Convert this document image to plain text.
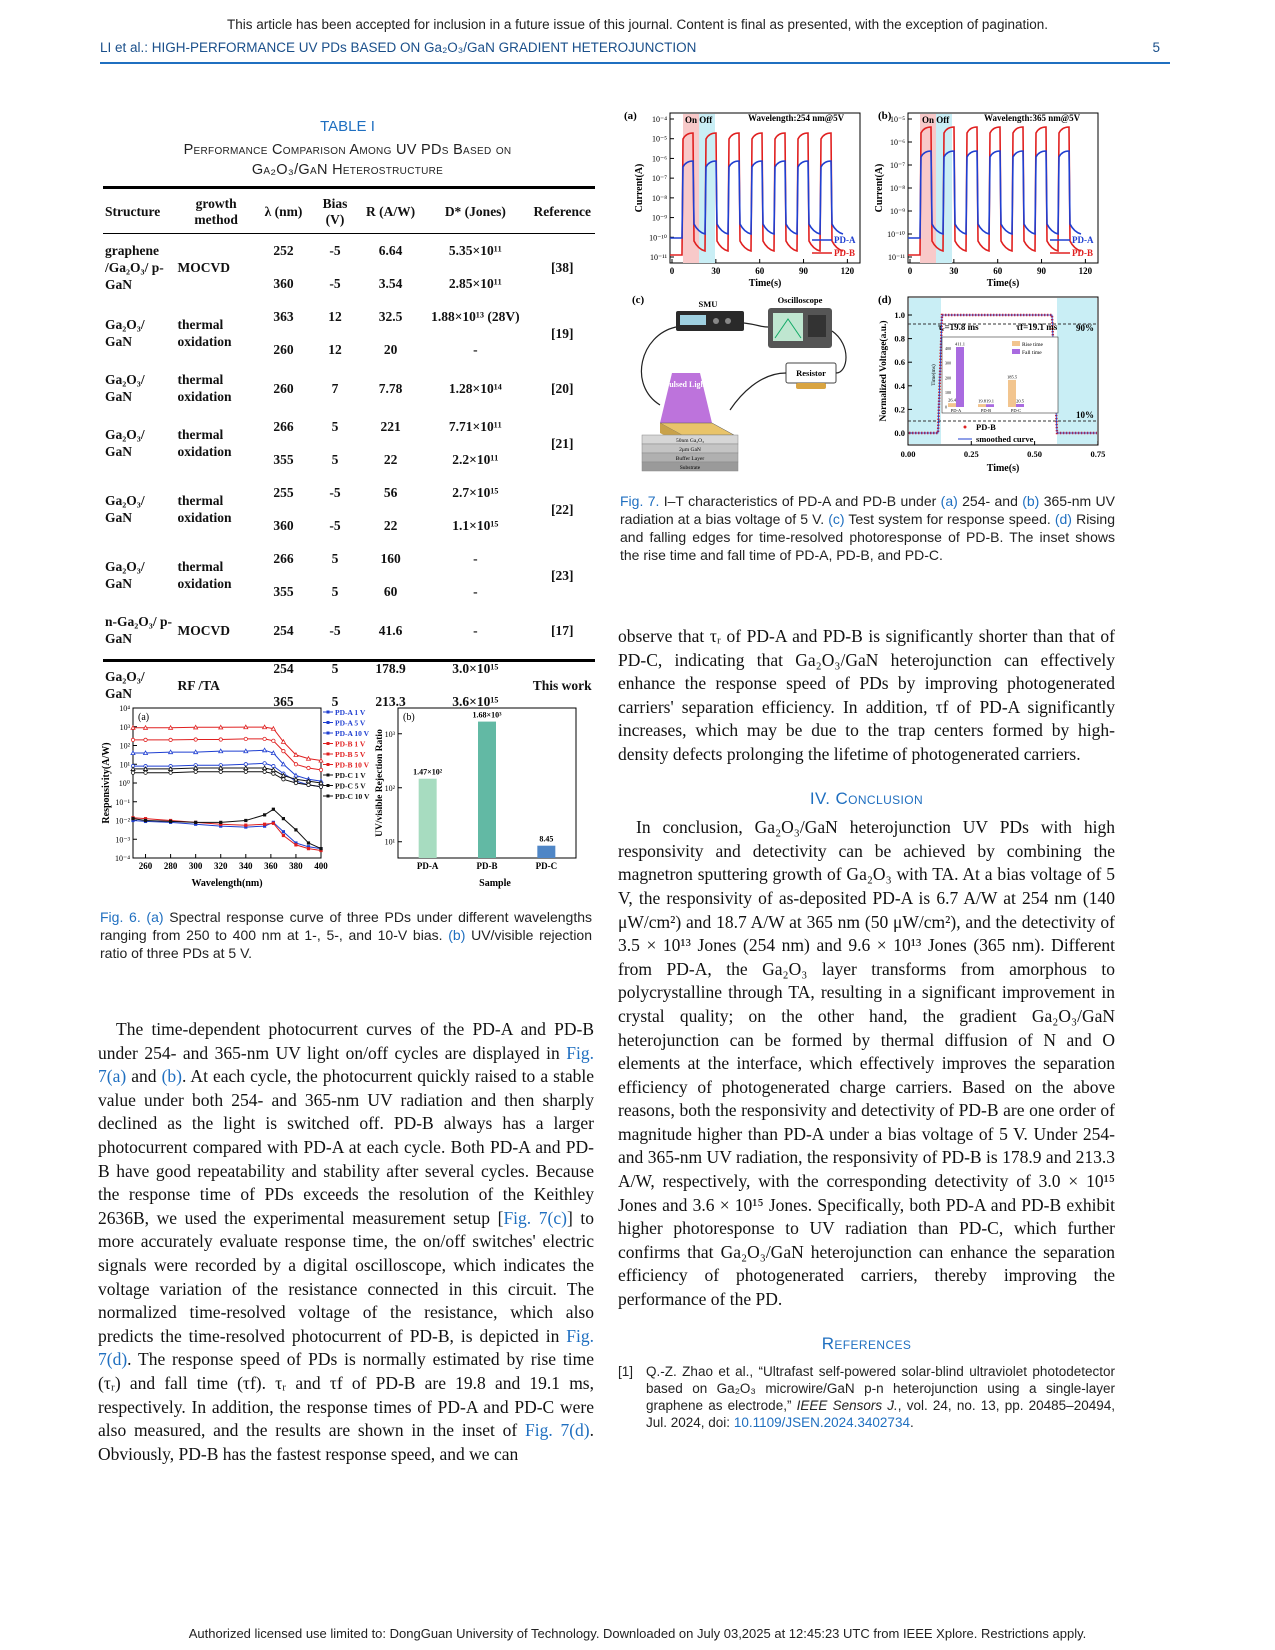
This article has been accepted for inclusion in a future issue of this journal. Content is final as presented, with the exception of pagination.
LI et al.: HIGH-PERFORMANCE UV PDs BASED ON Ga₂O₃/GaN GRADIENT HETEROJUNCTION	5
TABLE I
Performance Comparison Among UV PDs Based on
Ga₂O₃/GaN Heterostructure
Structure	growth method	λ (nm)	Bias (V)	R (A/W)	D* (Jones)	Reference
graphene /Ga₂O₃/ p-GaN	MOCVD	252	-5	6.64	5.35×10¹¹	[38]
		360	-5	3.54	2.85×10¹¹	
Ga₂O₃/ GaN	thermal oxidation	363	12	32.5	1.88×10¹³ (28V)	[19]
		260	12	20	-	
Ga₂O₃/ GaN	thermal oxidation	260	7	7.78	1.28×10¹⁴	[20]
Ga₂O₃/ GaN	thermal oxidation	266	5	221	7.71×10¹¹	[21]
		355	5	22	2.2×10¹¹	
Ga₂O₃/ GaN	thermal oxidation	255	-5	56	2.7×10¹⁵	[22]
		360	-5	22	1.1×10¹⁵	
Ga₂O₃/ GaN	thermal oxidation	266	5	160	-	[23]
		355	5	60	-	
n-Ga₂O₃/ p-GaN	MOCVD	254	-5	41.6	-	[17]
Ga₂O₃/ GaN	RF /TA	254	5	178.9	3.0×10¹⁵	This work
		365	5	213.3	3.6×10¹⁵	
10⁻⁴
10⁻³
10⁻²
10⁻¹
10⁰
10¹
10²
10³
10⁴
260 280 300 320 340 360 380 400
(a)
Responsivity(A/W)
Wavelength(nm)
PD-A 1 V
PD-A 5 V
PD-A 10 V
PD-B 1 V
PD-B 5 V
PD-B 10 V
PD-C 1 V
PD-C 5 V
PD-C 10 V
10¹
10²
10³
1.47×10²
PD-A
1.68×10³
PD-B
8.45
PD-C
(b)
UV/visible Rejection Ratio
Sample
Fig. 6. (a) Spectral response curve of three PDs under different wavelengths ranging from 250 to 400 nm at 1-, 5-, and 10-V bias. (b) UV/visible rejection ratio of three PDs at 5 V.

The time-dependent photocurrent curves of the PD-A and PD-B under 254- and 365-nm UV light on/off cycles are displayed in Fig. 7(a) and (b). At each cycle, the photocurrent quickly raised to a stable value under both 254- and 365-nm UV radiation and then sharply declined as the light is switched off. PD-B always has a larger photocurrent compared with PD-A at each cycle. Both PD-A and PD-B have good repeatability and stability after several cycles. Because the response time of PDs exceeds the resolution of the Keithley 2636B, we used the experimental measurement setup [Fig. 7(c)] to more accurately evaluate response time, the on/off switches' electric signals were recorded by a digital oscilloscope, which indicates the voltage variation of the resistance connected in this circuit. The normalized time-resolved voltage of the resistance, which also predicts the time-resolved photocurrent of PD-B, is depicted in Fig. 7(d). The response speed of PDs is normally estimated by rise time (τᵣ) and fall time (τf). τᵣ and τf of PD-B are 19.8 and 19.1 ms, respectively. In addition, the response times of PD-A and PD-C were also measured, and the results are shown in the inset of Fig. 7(d). Obviously, PD-B has the fastest response speed, and we can

(a)
10⁻¹¹
10⁻¹⁰
10⁻⁹
10⁻⁸
10⁻⁷
10⁻⁶
10⁻⁵
10⁻⁴
0	30	60	90	120
On Off	Wavelength:254 nm@5V
Current(A)
Time(s)
PD-A
PD-B
(b)
10⁻¹¹
10⁻¹⁰
10⁻⁹
10⁻⁸
10⁻⁷
10⁻⁶
10⁻⁵
0	30	60	90	120
On Off	Wavelength:365 nm@5V
Current(A)
Time(s)
PD-A
PD-B
(c)	SMU	Oscilloscope
Resistor
Pulsed Light
50nm Ga₂O₃
2μm GaN
Buffer Layer
Substrate
(d)
0.0
0.2
0.4
0.6
0.8
1.0
0.00	0.25	0.50	0.75
τᵣ=19.8 ms	τf=19.1 ms 90%
10%
PD-B
smoothed curve
Normalized Voltage(a.u.)
Time(s)
26.4
411.1
PD-A
19.8 19.1
PD-B
185.5
20.5
PD-C
0
100
200
300
400
Rise time
Fall time
Time(ms)
Fig. 7. I–T characteristics of PD-A and PD-B under (a) 254- and (b) 365-nm UV radiation at a bias voltage of 5 V. (c) Test system for response speed. (d) Rising and falling edges for time-resolved photoresponse of PD-B. The inset shows the rise time and fall time of PD-A, PD-B, and PD-C.

observe that τᵣ of PD-A and PD-B is significantly shorter than that of PD-C, indicating that Ga₂O₃/GaN heterojunction can effectively enhance the response speed of PDs by improving photogenerated carriers' separation efficiency. In addition, τf of PD-A significantly increases, which may be due to the trap centers formed by high-density defects prolonging the lifetime of photogenerated carriers.

IV. Conclusion

In conclusion, Ga₂O₃/GaN heterojunction UV PDs with high responsivity and detectivity can be achieved by combining the magnetron sputtering growth of Ga₂O₃ with TA. At a bias voltage of 5 V, the responsivity of as-deposited PD-A is 6.7 A/W at 254 nm (140 μW/cm²) and 18.7 A/W at 365 nm (50 μW/cm²), and the detectivity of 3.5 × 10¹³ Jones (254 nm) and 9.6 × 10¹³ Jones (365 nm). Different from PD-A, the Ga₂O₃ layer transforms from amorphous to polycrystalline through TA, resulting in a significant improvement in crystal quality; on the other hand, the gradient Ga₂O₃/GaN heterojunction can be formed by thermal diffusion of N and O elements at the interface, which effectively improves the separation efficiency of photogenerated charge carriers. Based on the above reasons, both the responsivity and detectivity of PD-B are one order of magnitude higher than PD-A under a bias voltage of 5 V. Under 254- and 365-nm UV radiation, the responsivity of PD-B is 178.9 and 213.3 A/W, respectively, with the corresponding detectivity of 3.0 × 10¹⁵ Jones and 3.6 × 10¹⁵ Jones. Specifically, both PD-A and PD-B exhibit higher photoresponse to UV radiation than PD-C, which further confirms that Ga₂O₃/GaN heterojunction can enhance the separation efficiency of photogenerated carriers, thereby improving the performance of the PD.

References
[1] Q.-Z. Zhao et al., “Ultrafast self-powered solar-blind ultraviolet photodetector based on Ga₂O₃ microwire/GaN p-n heterojunction using a single-layer graphene as electrode,” IEEE Sensors J., vol. 24, no. 13, pp. 20485–20494, Jul. 2024, doi: 10.1109/JSEN.2024.3402734.
Authorized licensed use limited to: DongGuan University of Technology. Downloaded on July 03,2025 at 12:45:23 UTC from IEEE Xplore. Restrictions apply.
